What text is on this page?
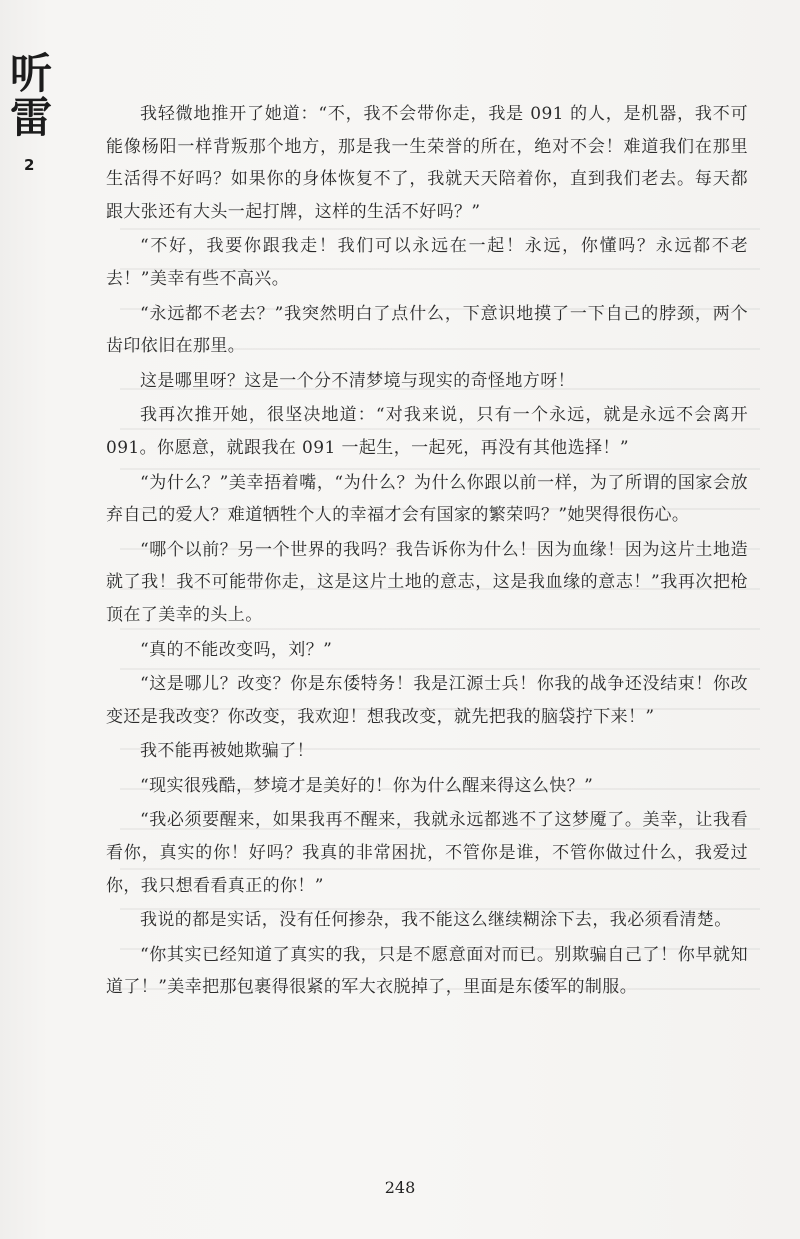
听
雷
2

我轻微地推开了她道：“不，我不会带你走，我是 091 的人，是机器，我不可能像杨阳一样背叛那个地方，那是我一生荣誉的所在，绝对不会！难道我们在那里生活得不好吗？如果你的身体恢复不了，我就天天陪着你，直到我们老去。每天都跟大张还有大头一起打牌，这样的生活不好吗？”

“不好，我要你跟我走！我们可以永远在一起！永远，你懂吗？永远都不老去！”美幸有些不高兴。

“永远都不老去？”我突然明白了点什么，下意识地摸了一下自己的脖颈，两个齿印依旧在那里。

这是哪里呀？这是一个分不清梦境与现实的奇怪地方呀！

我再次推开她，很坚决地道：“对我来说，只有一个永远，就是永远不会离开 091。你愿意，就跟我在 091 一起生，一起死，再没有其他选择！”

“为什么？”美幸捂着嘴，“为什么？为什么你跟以前一样，为了所谓的国家会放弃自己的爱人？难道牺牲个人的幸福才会有国家的繁荣吗？”她哭得很伤心。

“哪个以前？另一个世界的我吗？我告诉你为什么！因为血缘！因为这片土地造就了我！我不可能带你走，这是这片土地的意志，这是我血缘的意志！”我再次把枪顶在了美幸的头上。

“真的不能改变吗，刘？”

“这是哪儿？改变？你是东倭特务！我是江源士兵！你我的战争还没结束！你改变还是我改变？你改变，我欢迎！想我改变，就先把我的脑袋拧下来！”

我不能再被她欺骗了！

“现实很残酷，梦境才是美好的！你为什么醒来得这么快？”

“我必须要醒来，如果我再不醒来，我就永远都逃不了这梦魇了。美幸，让我看看你，真实的你！好吗？我真的非常困扰，不管你是谁，不管你做过什么，我爱过你，我只想看看真正的你！”

我说的都是实话，没有任何掺杂，我不能这么继续糊涂下去，我必须看清楚。

“你其实已经知道了真实的我，只是不愿意面对而已。别欺骗自己了！你早就知道了！”美幸把那包裹得很紧的军大衣脱掉了，里面是东倭军的制服。

248
